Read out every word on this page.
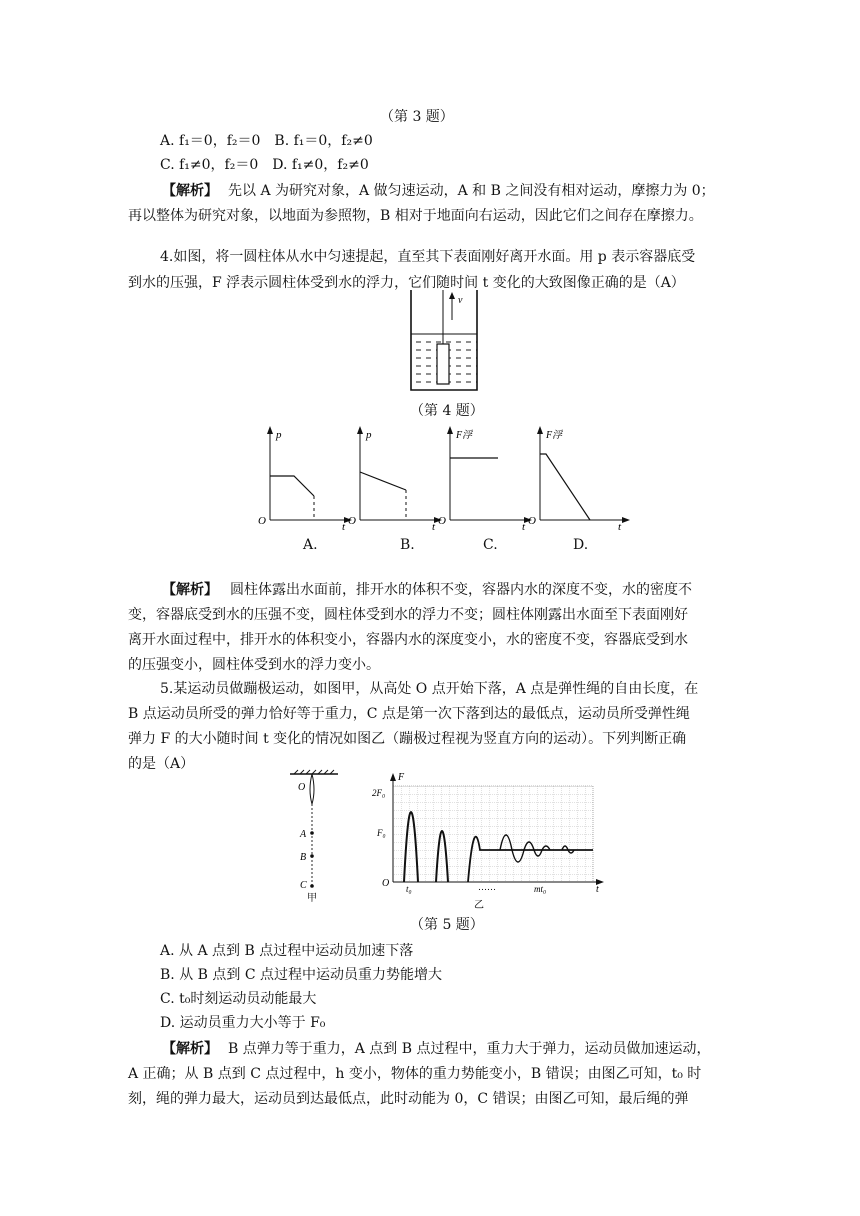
（第 3 题）
A. f₁＝0，f₂＝0　B. f₁＝0，f₂≠0
C. f₁≠0，f₂＝0　D. f₁≠0，f₂≠0
【解析】 先以 A 为研究对象，A 做匀速运动，A 和 B 之间没有相对运动，摩擦力为 0；
再以整体为研究对象，以地面为参照物，B 相对于地面向右运动，因此它们之间存在摩擦力。
4.如图，将一圆柱体从水中匀速提起，直至其下表面刚好离开水面。用 p 表示容器底受
到水的压强，F 浮表示圆柱体受到水的浮力，它们随时间 t 变化的大致图像正确的是（A）
v
（第 4 题）
p
O	t
p
O	t
F浮
O	t
F浮
O	t
A.	B.	C.	D.
【解析】 圆柱体露出水面前，排开水的体积不变，容器内水的深度不变，水的密度不
变，容器底受到水的压强不变，圆柱体受到水的浮力不变；圆柱体刚露出水面至下表面刚好
离开水面过程中，排开水的体积变小，容器内水的深度变小，水的密度不变，容器底受到水
的压强变小，圆柱体受到水的浮力变小。
5.某运动员做蹦极运动，如图甲，从高处 O 点开始下落，A 点是弹性绳的自由长度，在
B 点运动员所受的弹力恰好等于重力，C 点是第一次下落到达的最低点，运动员所受弹性绳
弹力 F 的大小随时间 t 变化的情况如图乙（蹦极过程视为竖直方向的运动）。下列判断正确
的是（A）
O
A
B
C
甲
F
2F₀
F₀
O t₀	……	mt₀	t
乙
（第 5 题）
A. 从 A 点到 B 点过程中运动员加速下落
B. 从 B 点到 C 点过程中运动员重力势能增大
C. t₀时刻运动员动能最大
D. 运动员重力大小等于 F₀
【解析】 B 点弹力等于重力，A 点到 B 点过程中，重力大于弹力，运动员做加速运动，
A 正确；从 B 点到 C 点过程中，h 变小，物体的重力势能变小，B 错误；由图乙可知，t₀ 时
刻，绳的弹力最大，运动员到达最低点，此时动能为 0，C 错误；由图乙可知，最后绳的弹
